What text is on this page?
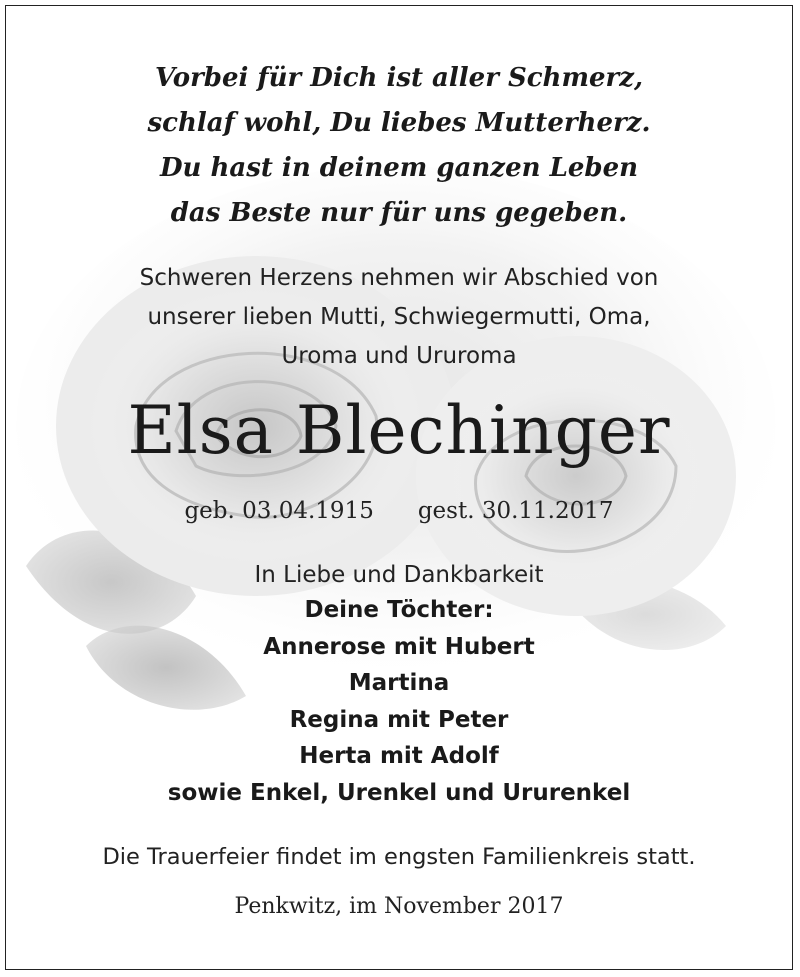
Vorbei für Dich ist aller Schmerz,
schlaf wohl, Du liebes Mutterherz.
Du hast in deinem ganzen Leben
das Beste nur für uns gegeben.
Schweren Herzens nehmen wir Abschied von
unserer lieben Mutti, Schwiegermutti, Oma,
Uroma und Ururoma
Elsa Blechinger
geb. 03.04.1915 gest. 30.11.2017
In Liebe und Dankbarkeit
Deine Töchter:
Annerose mit Hubert
Martina
Regina mit Peter
Herta mit Adolf
sowie Enkel, Urenkel und Ururenkel
Die Trauerfeier findet im engsten Familienkreis statt.
Penkwitz, im November 2017
